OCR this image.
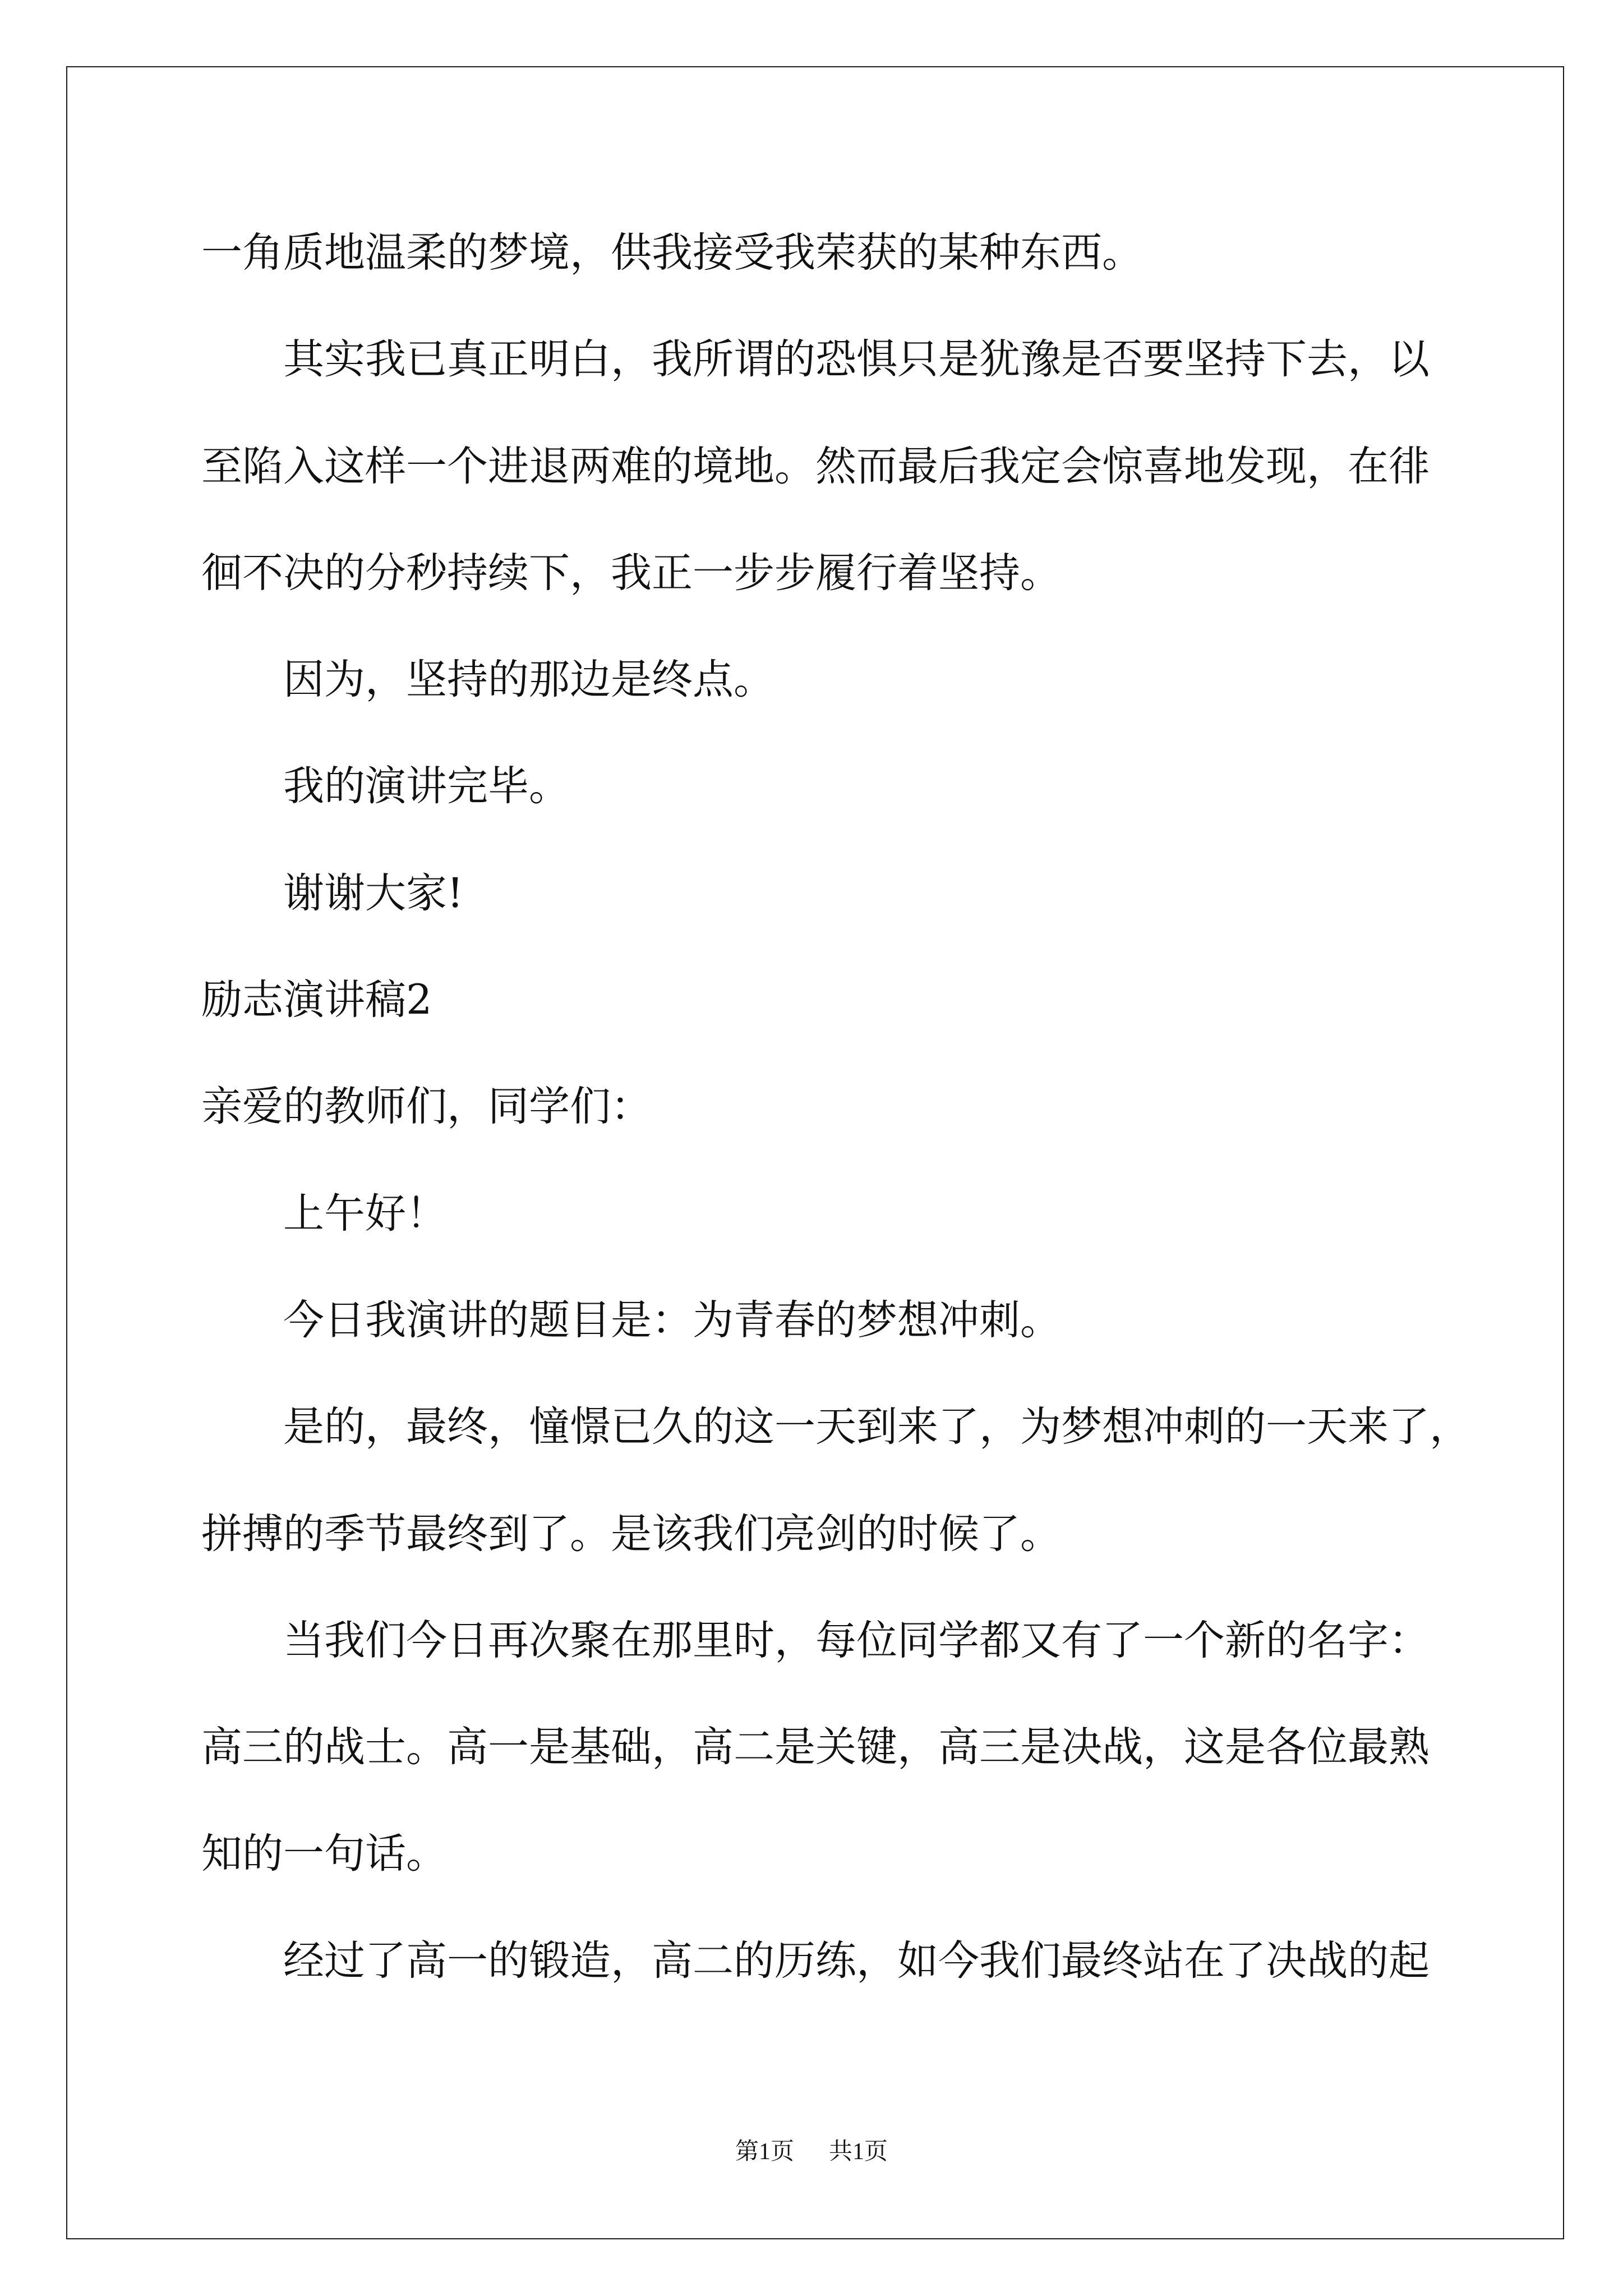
一角质地温柔的梦境，供我接受我荣获的某种东西。
其实我已真正明白，我所谓的恐惧只是犹豫是否要坚持下去，以
至陷入这样一个进退两难的境地。然而最后我定会惊喜地发现，在徘
徊不决的分秒持续下，我正一步步履行着坚持。
因为，坚持的那边是终点。
我的演讲完毕。
谢谢大家!
励志演讲稿2
亲爱的教师们，同学们：
上午好！
今日我演讲的题目是：为青春的梦想冲刺。
是的，最终，憧憬已久的这一天到来了，为梦想冲刺的一天来了，
拼搏的季节最终到了。是该我们亮剑的时候了。
当我们今日再次聚在那里时，每位同学都又有了一个新的名字：
高三的战士。高一是基础，高二是关键，高三是决战，这是各位最熟
知的一句话。
经过了高一的锻造，高二的历练，如今我们最终站在了决战的起
第1页 共1页
